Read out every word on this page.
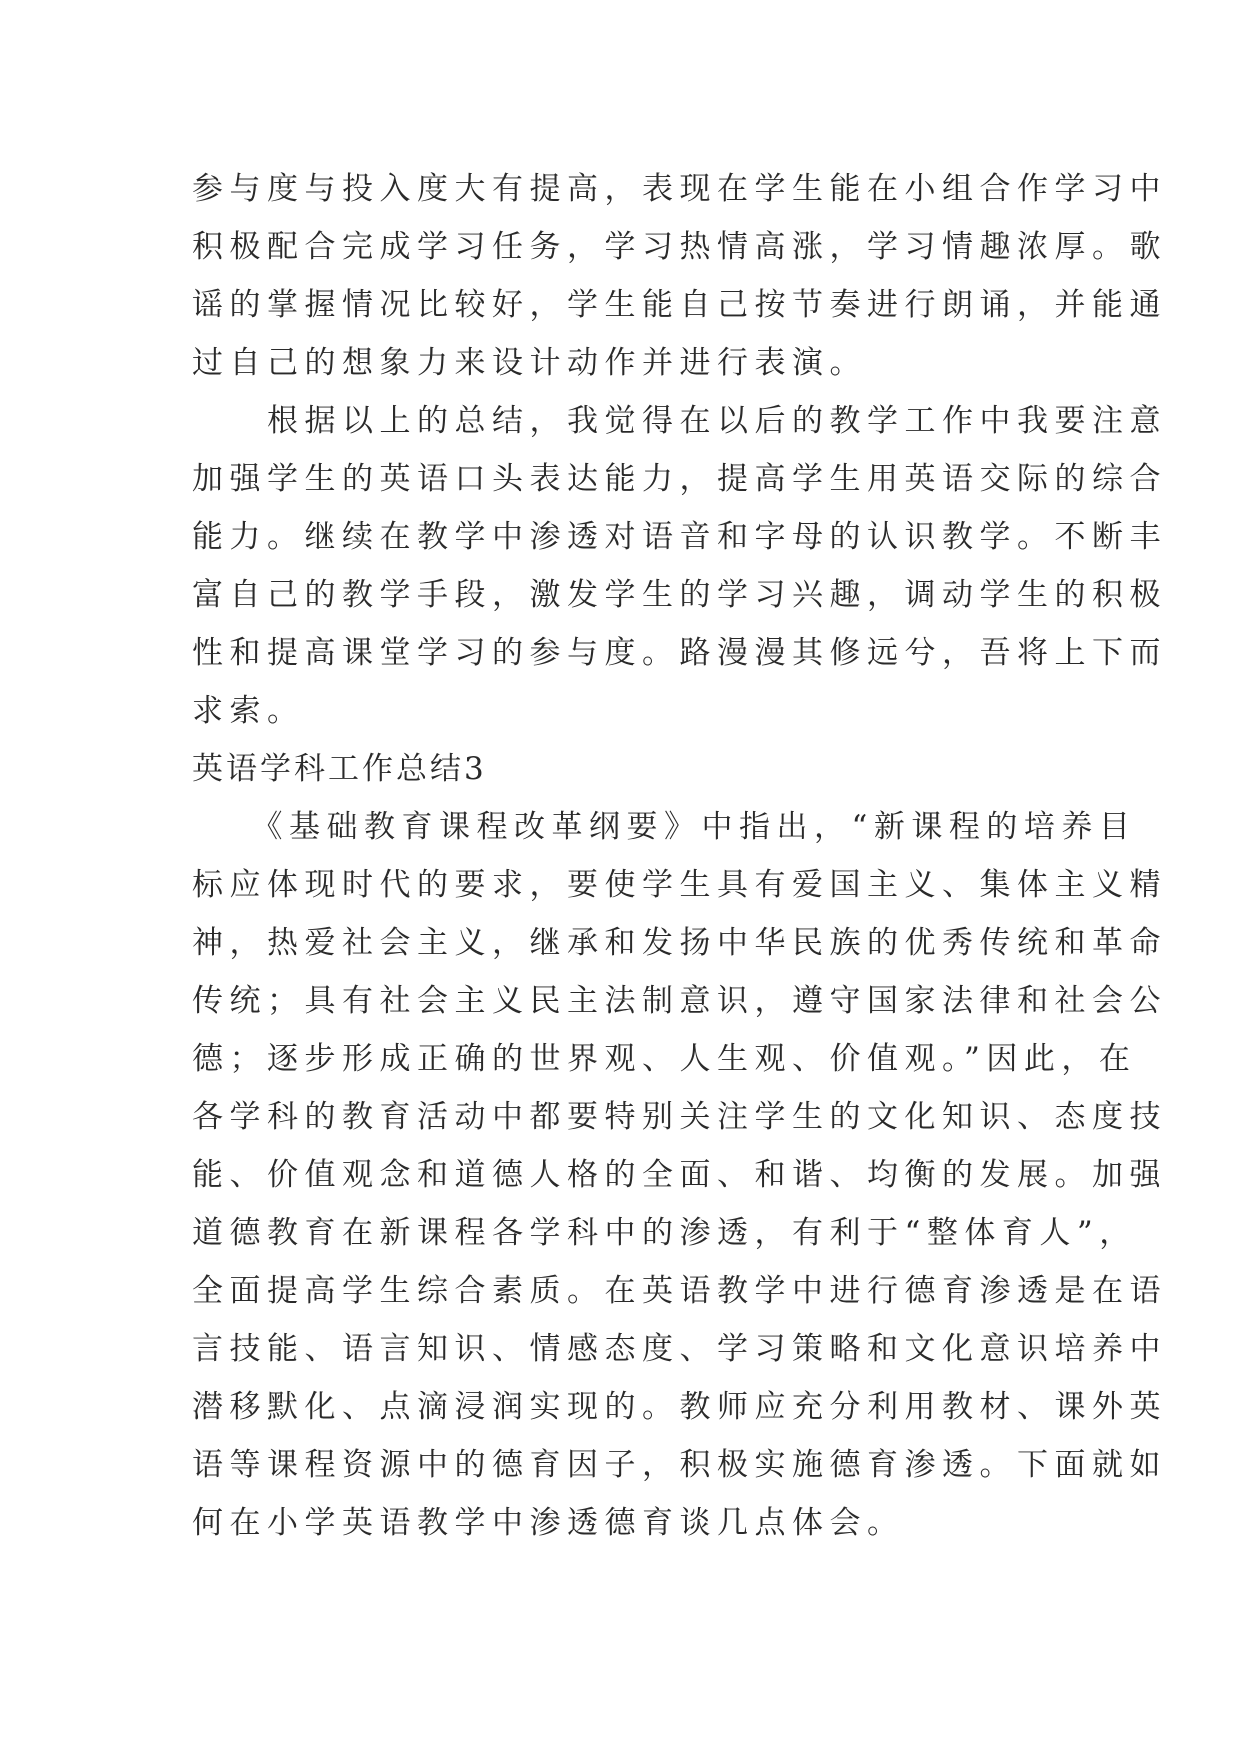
参与度与投入度大有提高，表现在学生能在小组合作学习中
积极配合完成学习任务，学习热情高涨，学习情趣浓厚。歌
谣的掌握情况比较好，学生能自己按节奏进行朗诵，并能通
过自己的想象力来设计动作并进行表演。
　　根据以上的总结，我觉得在以后的教学工作中我要注意
加强学生的英语口头表达能力，提高学生用英语交际的综合
能力。继续在教学中渗透对语音和字母的认识教学。不断丰
富自己的教学手段，激发学生的学习兴趣，调动学生的积极
性和提高课堂学习的参与度。路漫漫其修远兮，吾将上下而
求索。
英语学科工作总结3
　　《基础教育课程改革纲要》中指出，“新课程的培养目
标应体现时代的要求，要使学生具有爱国主义、集体主义精
神，热爱社会主义，继承和发扬中华民族的优秀传统和革命
传统；具有社会主义民主法制意识，遵守国家法律和社会公
德；逐步形成正确的世界观、人生观、价值观。”因此，在
各学科的教育活动中都要特别关注学生的文化知识、态度技
能、价值观念和道德人格的全面、和谐、均衡的发展。加强
道德教育在新课程各学科中的渗透，有利于“整体育人”，
全面提高学生综合素质。在英语教学中进行德育渗透是在语
言技能、语言知识、情感态度、学习策略和文化意识培养中
潜移默化、点滴浸润实现的。教师应充分利用教材、课外英
语等课程资源中的德育因子，积极实施德育渗透。下面就如
何在小学英语教学中渗透德育谈几点体会。
